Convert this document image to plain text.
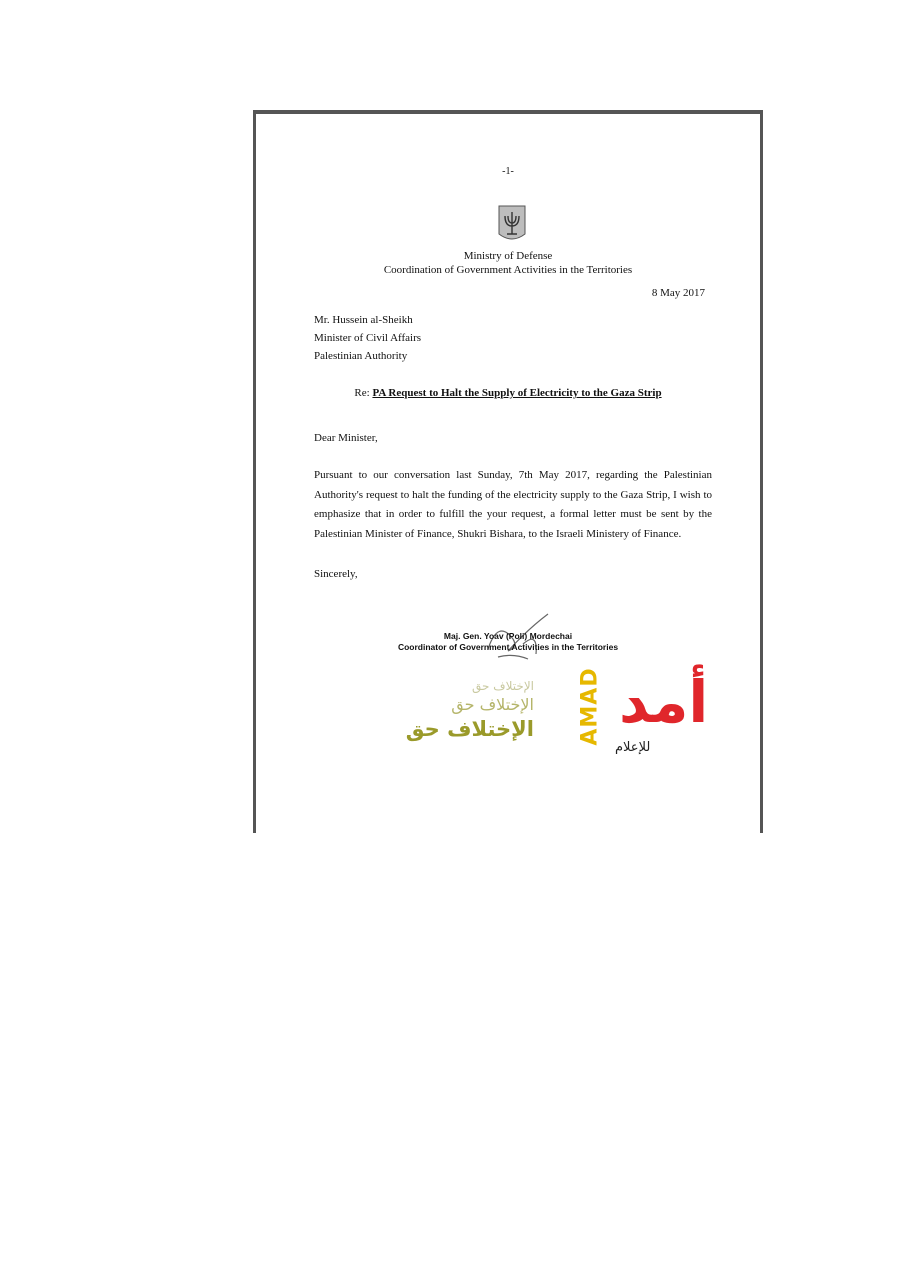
-1-
Ministry of Defense
Coordination of Government Activities in the Territories
8 May 2017
Mr. Hussein al-Sheikh
Minister of Civil Affairs
Palestinian Authority
Re: PA Request to Halt the Supply of Electricity to the Gaza Strip
Dear Minister,
Pursuant to our conversation last Sunday, 7th May 2017, regarding the Palestinian Authority's request to halt the funding of the electricity supply to the Gaza Strip, I wish to emphasize that in order to fulfill the your request, a formal letter must be sent by the Palestinian Minister of Finance, Shukri Bishara, to the Israeli Ministery of Finance.
Sincerely,
Maj. Gen. Yoav (Poli) Mordechai
Coordinator of Government Activities in the Territories
الإختلاف حق
الإختلاف حق
الإختلاف حق AMAD أمد
للإعلام
